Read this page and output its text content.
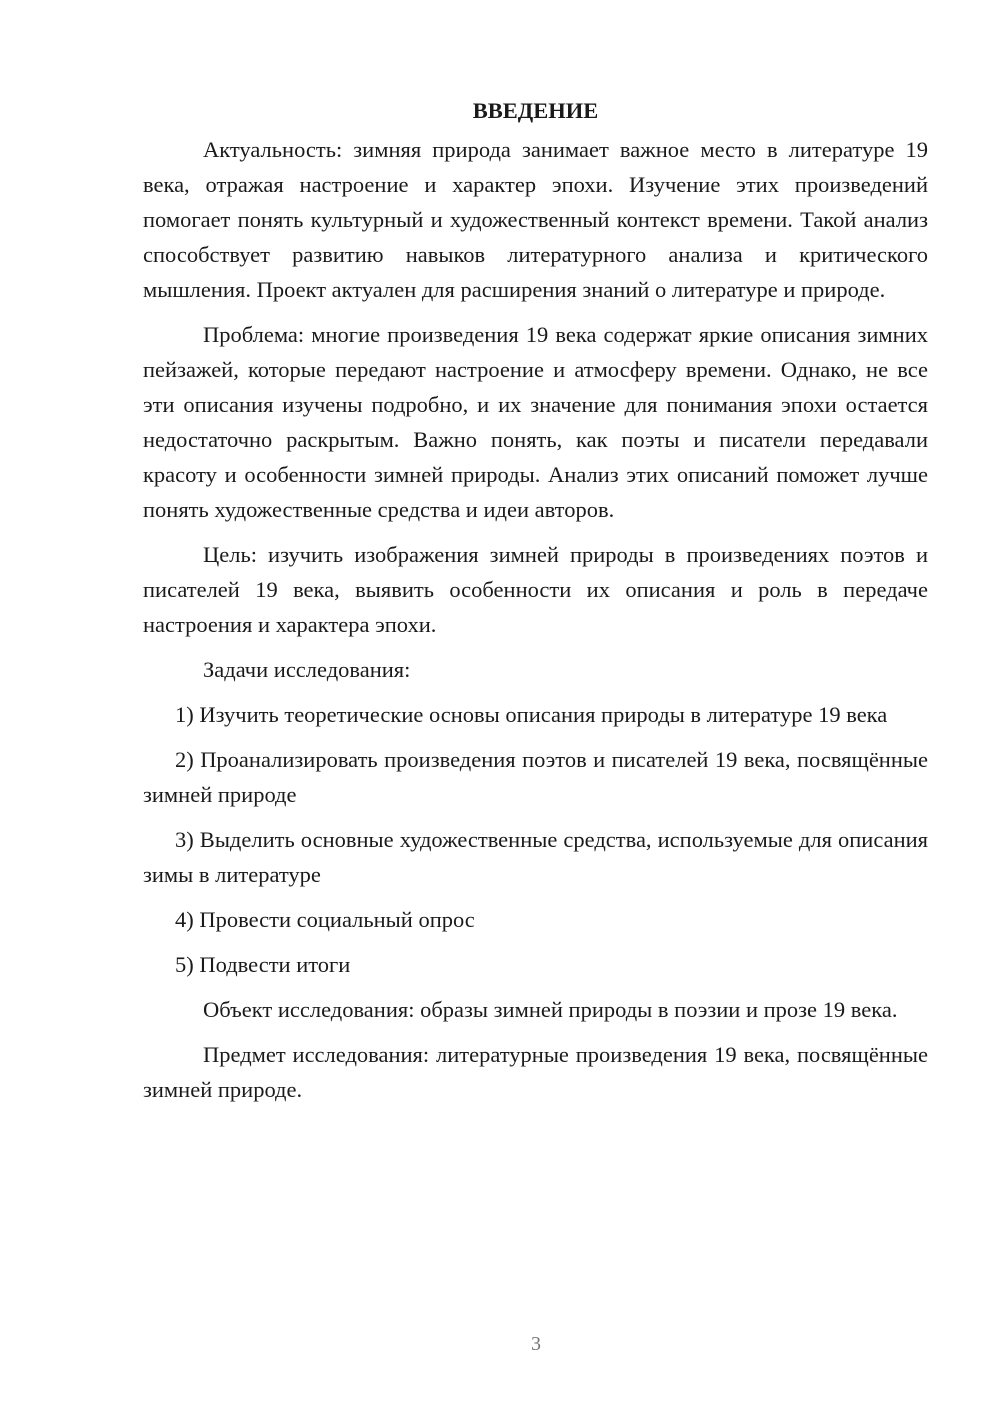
ВВЕДЕНИЕ

Актуальность: зимняя природа занимает важное место в литературе 19 века, отражая настроение и характер эпохи. Изучение этих произведений помогает понять культурный и художественный контекст времени. Такой анализ способствует развитию навыков литературного анализа и критического мышления. Проект актуален для расширения знаний о литературе и природе.

Проблема: многие произведения 19 века содержат яркие описания зимних пейзажей, которые передают настроение и атмосферу времени. Однако, не все эти описания изучены подробно, и их значение для понимания эпохи остается недостаточно раскрытым. Важно понять, как поэты и писатели передавали красоту и особенности зимней природы. Анализ этих описаний поможет лучше понять художественные средства и идеи авторов.

Цель: изучить изображения зимней природы в произведениях поэтов и писателей 19 века, выявить особенности их описания и роль в передаче настроения и характера эпохи.

Задачи исследования:

1) Изучить теоретические основы описания природы в литературе 19 века

2) Проанализировать произведения поэтов и писателей 19 века, посвящённые зимней природе

3) Выделить основные художественные средства, используемые для описания зимы в литературе

4) Провести социальный опрос

5) Подвести итоги

Объект исследования: образы зимней природы в поэзии и прозе 19 века.

Предмет исследования: литературные произведения 19 века, посвящённые зимней природе.

3
